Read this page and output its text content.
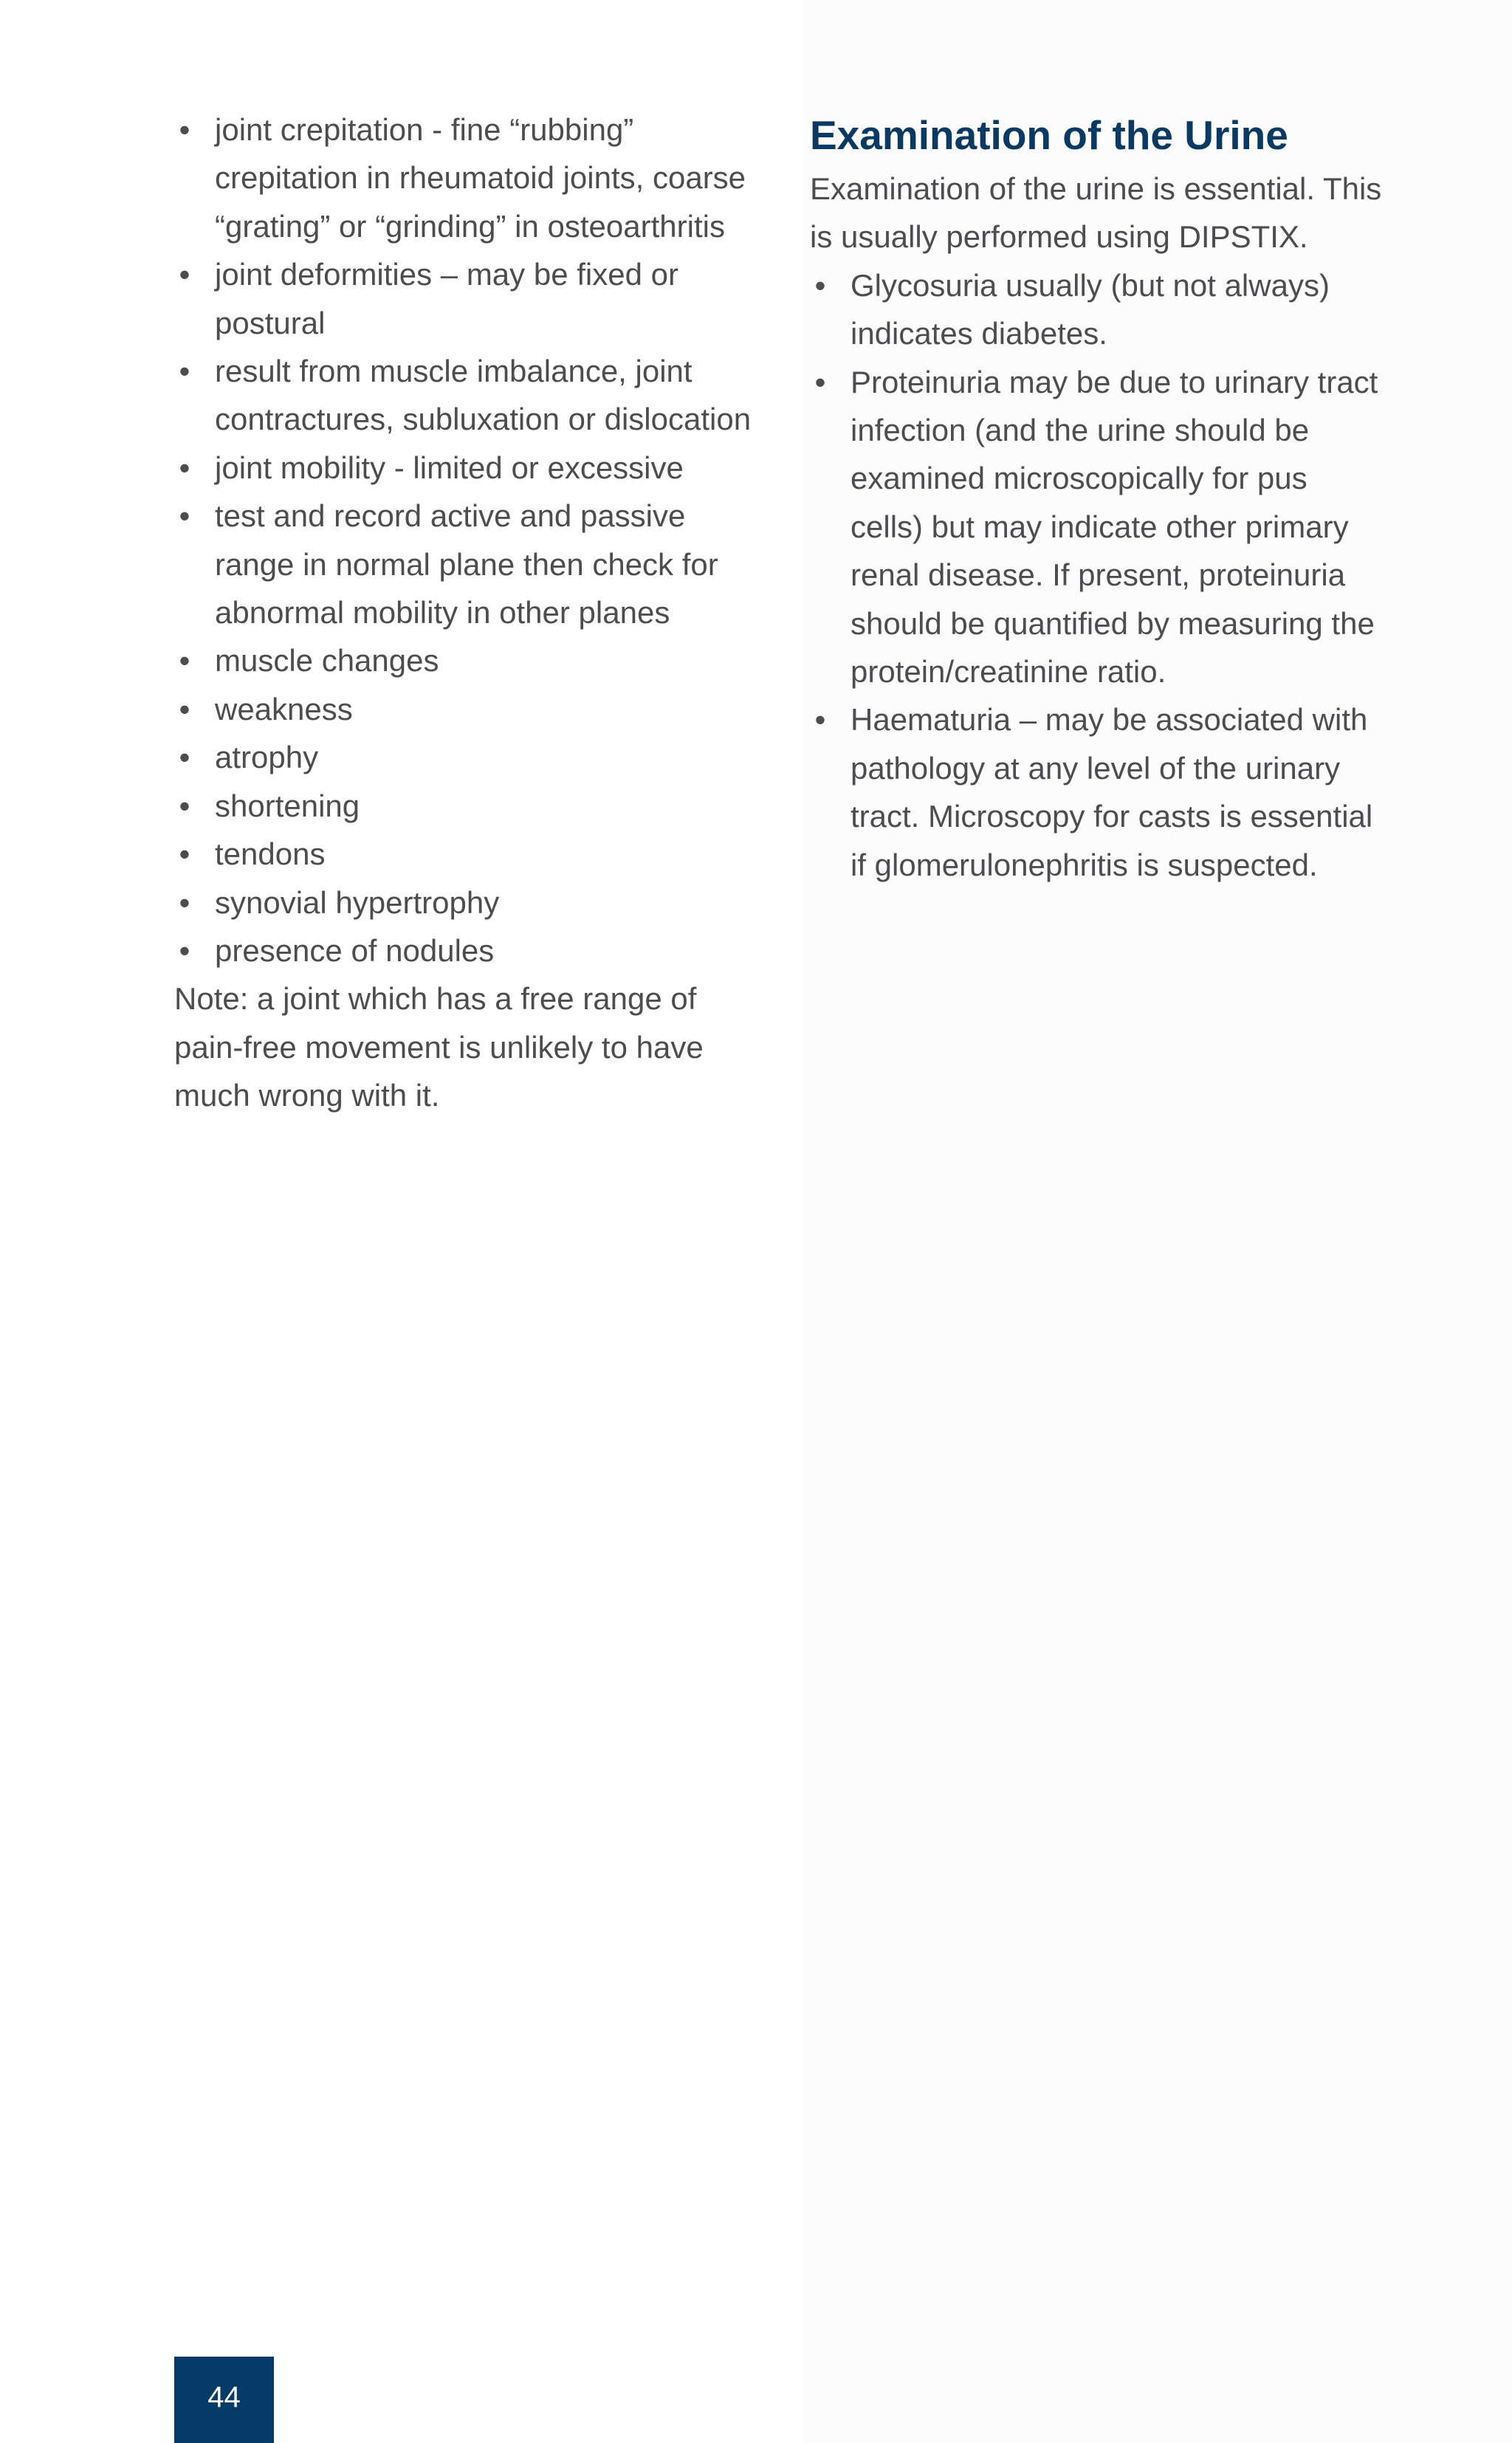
• joint crepitation - fine “rubbing” crepitation in rheumatoid joints, coarse “grating” or “grinding” in osteoarthritis
• joint deformities – may be fixed or postural
• result from muscle imbalance, joint contractures, subluxation or dislocation
• joint mobility - limited or excessive
• test and record active and passive range in normal plane then check for abnormal mobility in other planes
• muscle changes
• weakness
• atrophy
• shortening
• tendons
• synovial hypertrophy
• presence of nodules

Note: a joint which has a free range of pain-free movement is unlikely to have much wrong with it.

Examination of the Urine

Examination of the urine is essential. This is usually performed using DIPSTIX.

• Glycosuria usually (but not always) indicates diabetes.
• Proteinuria may be due to urinary tract infection (and the urine should be examined microscopically for pus cells) but may indicate other primary renal disease. If present, proteinuria should be quantified by measuring the protein/creatinine ratio.
• Haematuria – may be associated with pathology at any level of the urinary tract. Microscopy for casts is essential if glomerulonephritis is suspected.
44
